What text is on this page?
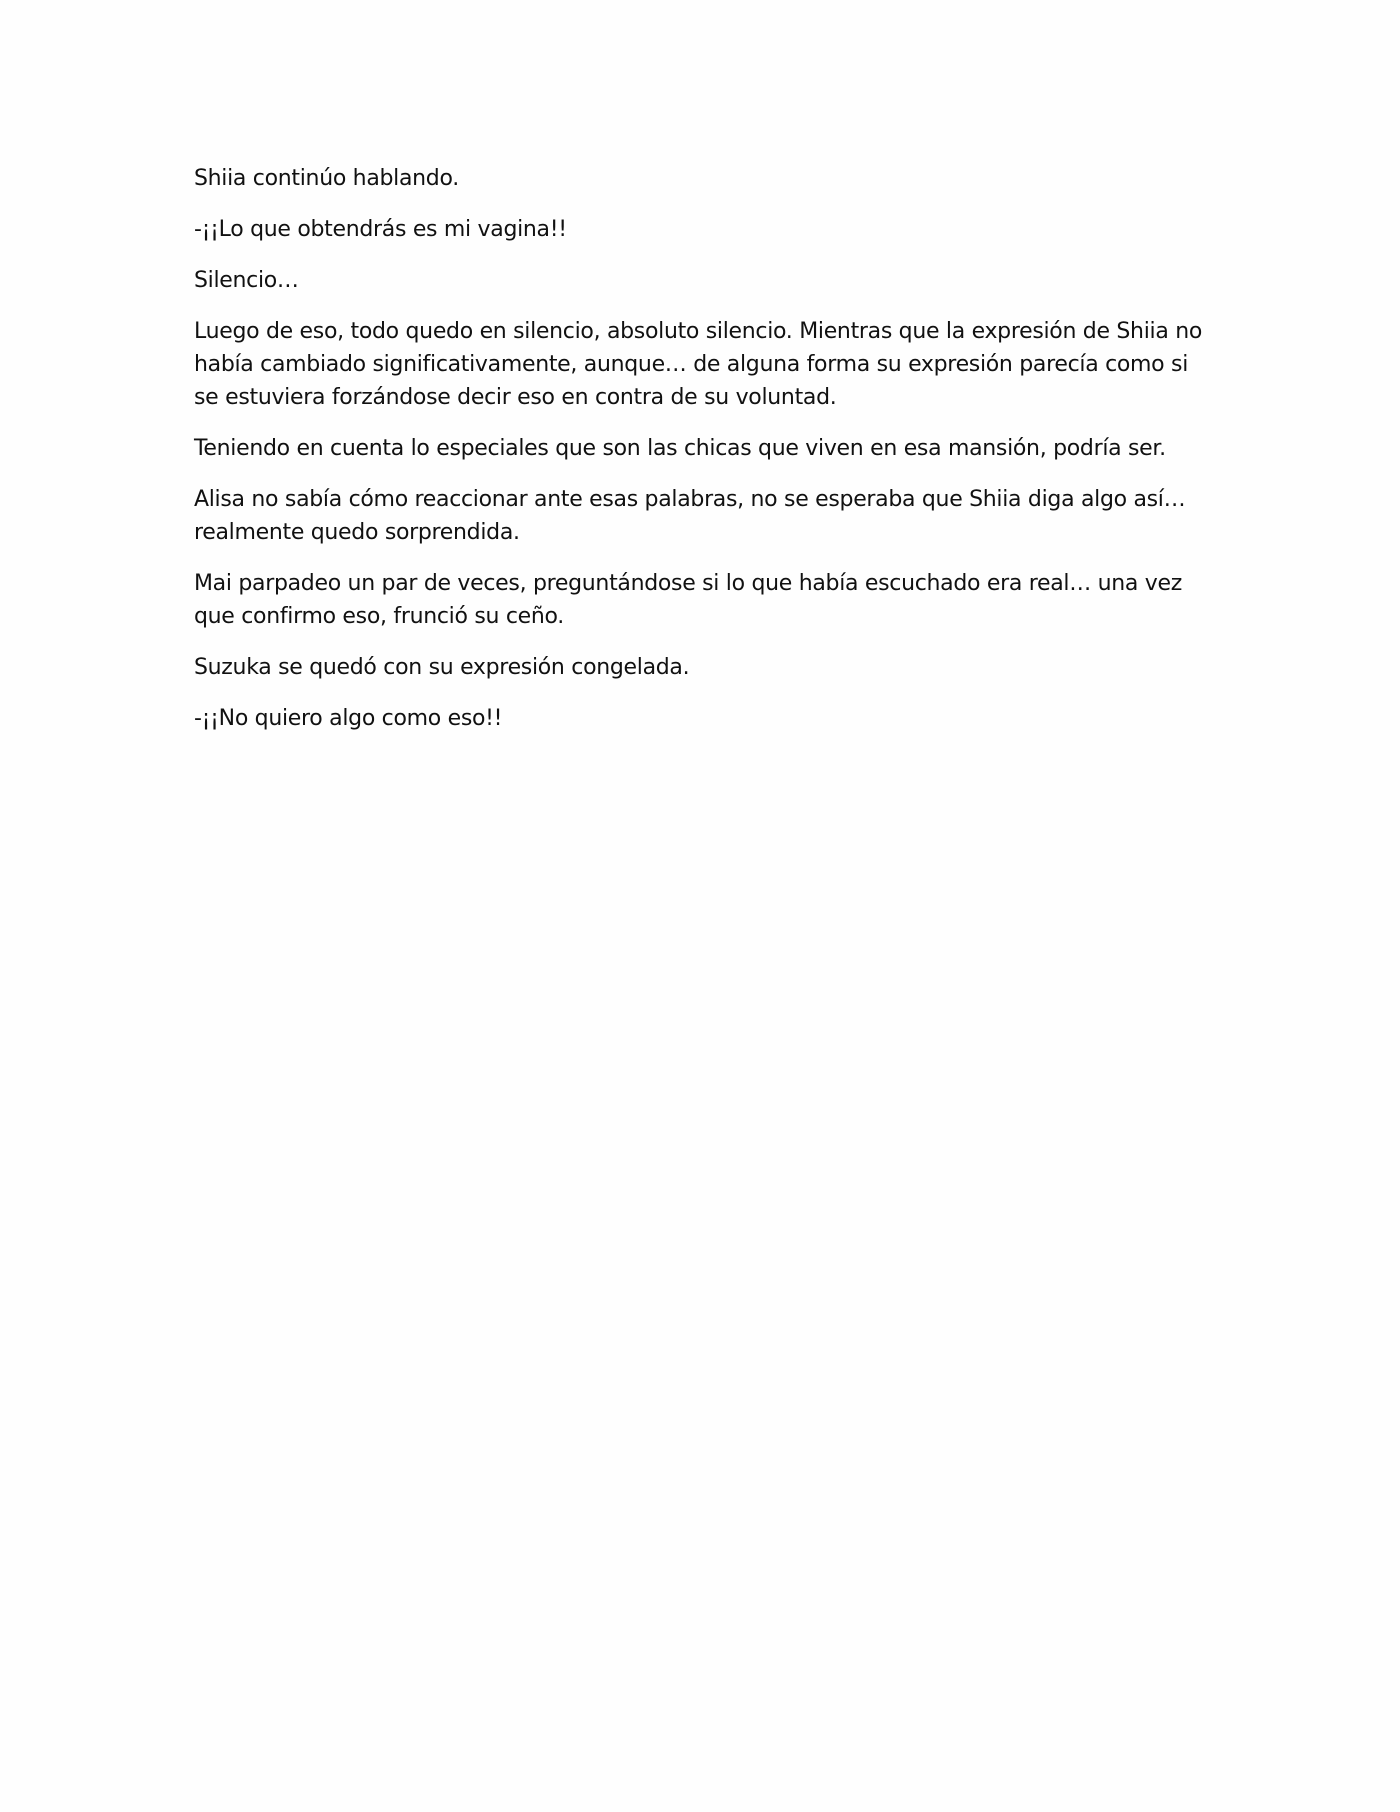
Shiia continúo hablando.

-¡¡Lo que obtendrás es mi vagina!!

Silencio…

Luego de eso, todo quedo en silencio, absoluto silencio. Mientras que la expresión de Shiia no había cambiado significativamente, aunque… de alguna forma su expresión parecía como si se estuviera forzándose decir eso en contra de su voluntad.

Teniendo en cuenta lo especiales que son las chicas que viven en esa mansión, podría ser.

Alisa no sabía cómo reaccionar ante esas palabras, no se esperaba que Shiia diga algo así… realmente quedo sorprendida.

Mai parpadeo un par de veces, preguntándose si lo que había escuchado era real… una vez que confirmo eso, frunció su ceño.

Suzuka se quedó con su expresión congelada.

-¡¡No quiero algo como eso!!
